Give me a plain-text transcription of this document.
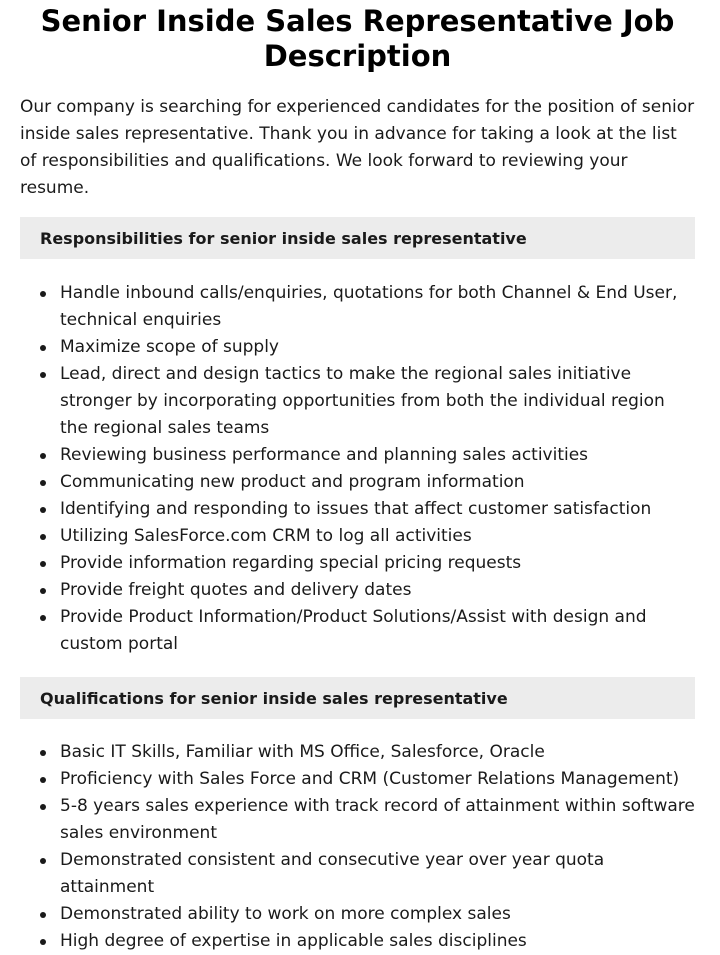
Senior Inside Sales Representative Job Description

Our company is searching for experienced candidates for the position of senior inside sales representative. Thank you in advance for taking a look at the list of responsibilities and qualifications. We look forward to reviewing your resume.

Responsibilities for senior inside sales representative
Handle inbound calls/enquiries, quotations for both Channel & End User, technical enquiries
Maximize scope of supply
Lead, direct and design tactics to make the regional sales initiative stronger by incorporating opportunities from both the individual region the regional sales teams
Reviewing business performance and planning sales activities
Communicating new product and program information
Identifying and responding to issues that affect customer satisfaction
Utilizing SalesForce.com CRM to log all activities
Provide information regarding special pricing requests
Provide freight quotes and delivery dates
Provide Product Information/Product Solutions/Assist with design and custom portal
Qualifications for senior inside sales representative
Basic IT Skills, Familiar with MS Office, Salesforce, Oracle
Proficiency with Sales Force and CRM (Customer Relations Management)
5-8 years sales experience with track record of attainment within software sales environment
Demonstrated consistent and consecutive year over year quota attainment
Demonstrated ability to work on more complex sales
High degree of expertise in applicable sales disciplines
